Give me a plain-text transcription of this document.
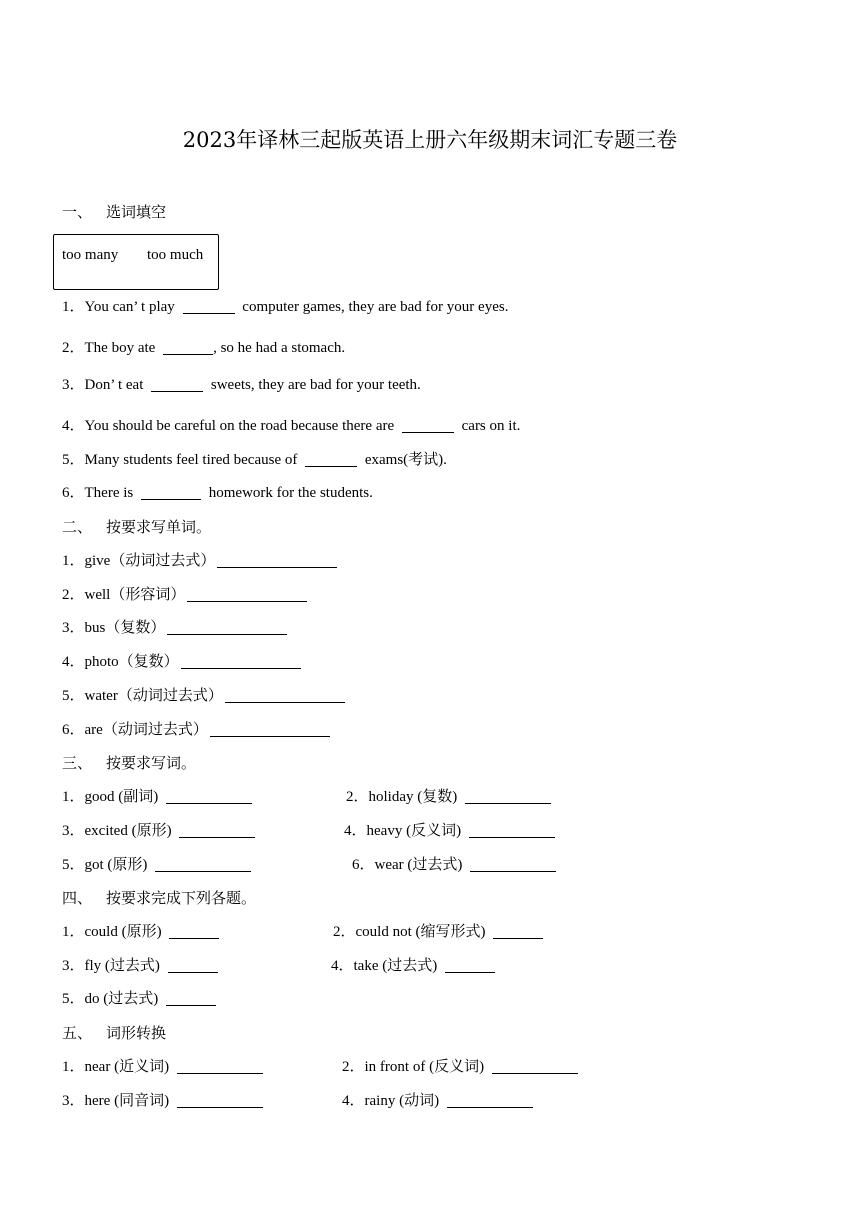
2023年译林三起版英语上册六年级期末词汇专题三卷
一、 选词填空
too many too much
1．You can’ t play	computer games, they are bad for your eyes.
2．The boy ate	, so he had a stomach.
3．Don’ t eat	sweets, they are bad for your teeth.
4．You should be careful on the road because there are	cars on it.
5．Many students feel tired because of	exams(考试).
6．There is	homework for the students.
二、 按要求写单词。
1．give（动词过去式）
2．well（形容词）
3．bus（复数）
4．photo（复数）
5．water（动词过去式）
6．are（动词过去式）
三、 按要求写词。
1．good (副词)	2．holiday (复数)
3．excited (原形)	4．heavy (反义词)
5．got (原形)	6．wear (过去式)
四、 按要求完成下列各题。
1．could (原形)	2．could not (缩写形式)
3．fly (过去式)	4．take (过去式)
5．do (过去式)
五、 词形转换
1．near (近义词)	2．in front of (反义词)
3．here (同音词)	4．rainy (动词)
